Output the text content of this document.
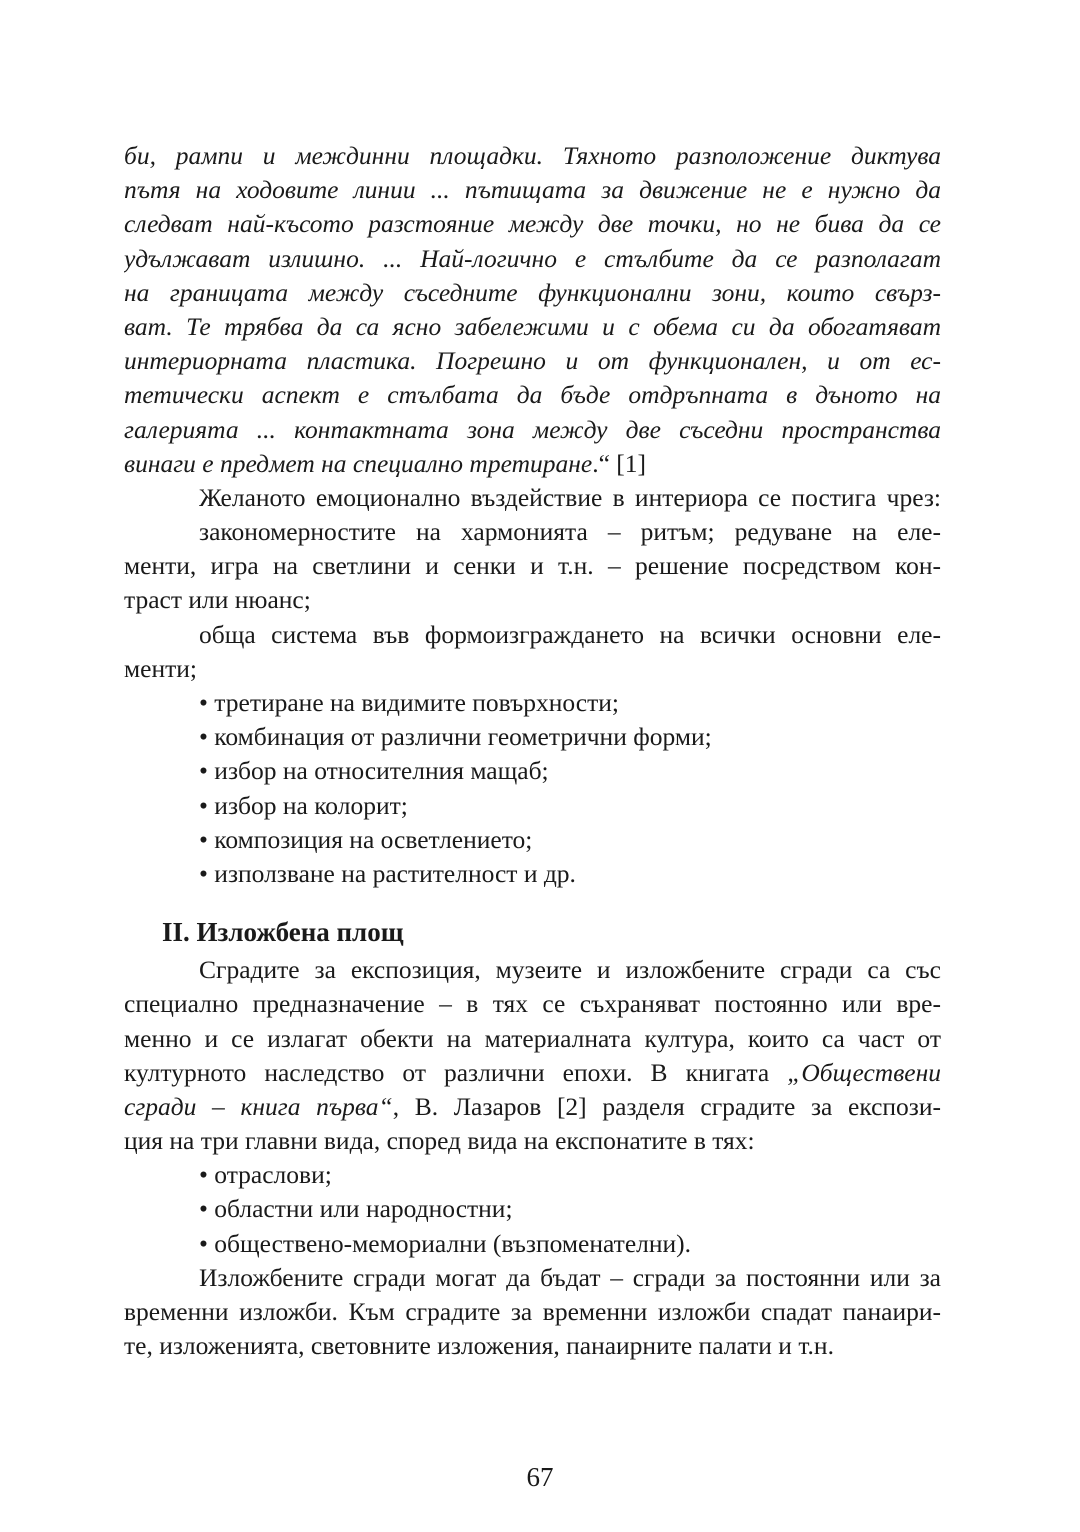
би, рампи и междинни площадки. Тяхното разположение диктува
пътя на ходовите линии ... пътищата за движение не е нужно да
следват най-късото разстояние между две точки, но не бива да се
удължават излишно. ... Най-логично е стълбите да се разполагат
на границата между съседните функционални зони, които свърз-
ват. Те трябва да са ясно забележими и с обема си да обогатяват
интериорната пластика. Погрешно и от функционален, и от ес-
тетически аспект е стълбата да бъде отдръпната в дъното на
галерията ... контактната зона между две съседни пространства
винаги е предмет на специално третиране.“ [1]
Желаното емоционално въздействие в интериора се постига чрез:
закономерностите на хармонията – ритъм; редуване на еле-
менти, игра на светлини и сенки и т.н. – решение посредством кон-
траст или нюанс;
обща система във формоизграждането на всички основни еле-
менти;
• третиране на видимите повърхности;
• комбинация от различни геометрични форми;
• избор на относителния мащаб;
• избор на колорит;
• композиция на осветлението;
• използване на растителност и др.
II. Изложбена площ
Сградите за експозиция, музеите и изложбените сгради са със
специално предназначение – в тях се съхраняват постоянно или вре-
менно и се излагат обекти на материалната култура, които са част от
културното наследство от различни епохи. В книгата „Обществени
сгради – книга първа“, В. Лазаров [2] разделя сградите за експози-
ция на три главни вида, според вида на експонатите в тях:
• отраслови;
• областни или народностни;
• обществено-мемориални (възпоменателни).
Изложбените сгради могат да бъдат – сгради за постоянни или за
временни изложби. Към сградите за временни изложби спадат панаири-
те, изложенията, световните изложения, панаирните палати и т.н.
67
